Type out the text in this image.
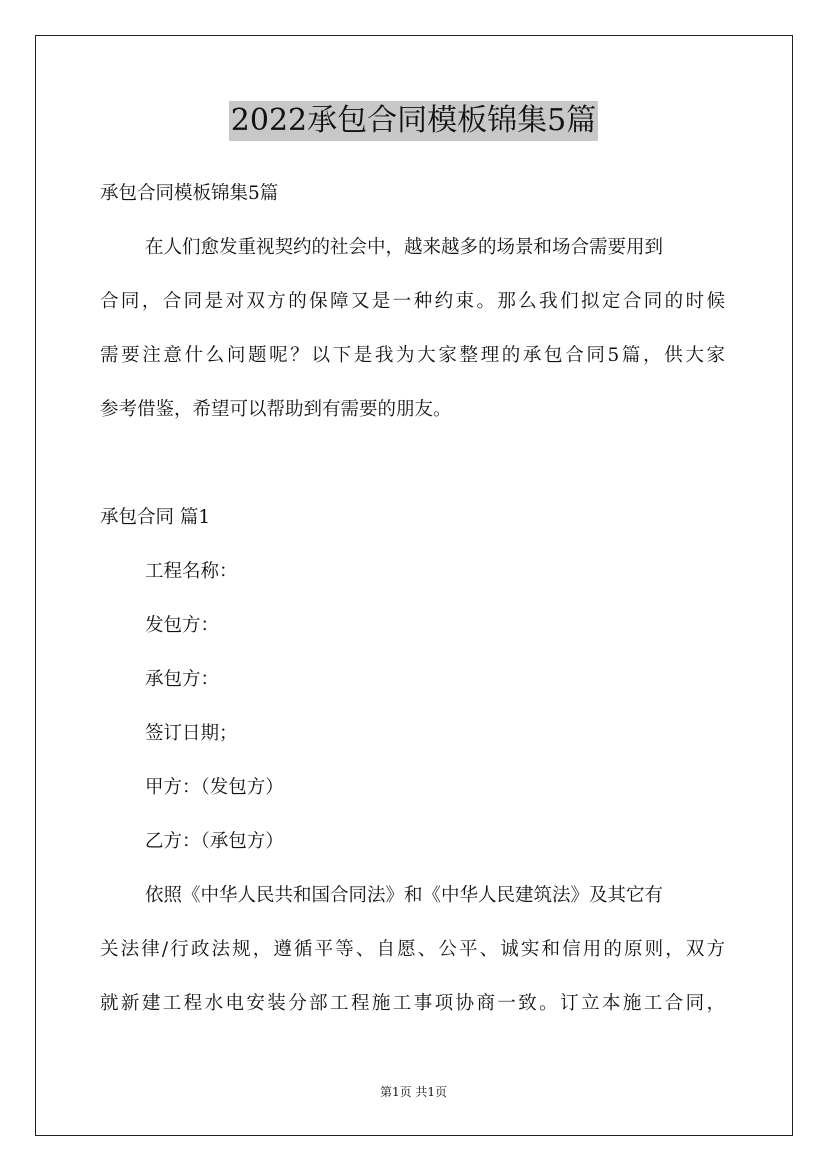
2022承包合同模板锦集5篇
承包合同模板锦集5篇
在人们愈发重视契约的社会中，越来越多的场景和场合需要用到
合同，合同是对双方的保障又是一种约束。那么我们拟定合同的时候
需要注意什么问题呢？以下是我为大家整理的承包合同5篇，供大家
参考借鉴，希望可以帮助到有需要的朋友。
承包合同 篇1
工程名称：
发包方：
承包方：
签订日期；
甲方：（发包方）
乙方：（承包方）
依照《中华人民共和国合同法》和《中华人民建筑法》及其它有
关法律/行政法规，遵循平等、自愿、公平、诚实和信用的原则，双方
就新建工程水电安装分部工程施工事项协商一致。订立本施工合同，
第1页 共1页
